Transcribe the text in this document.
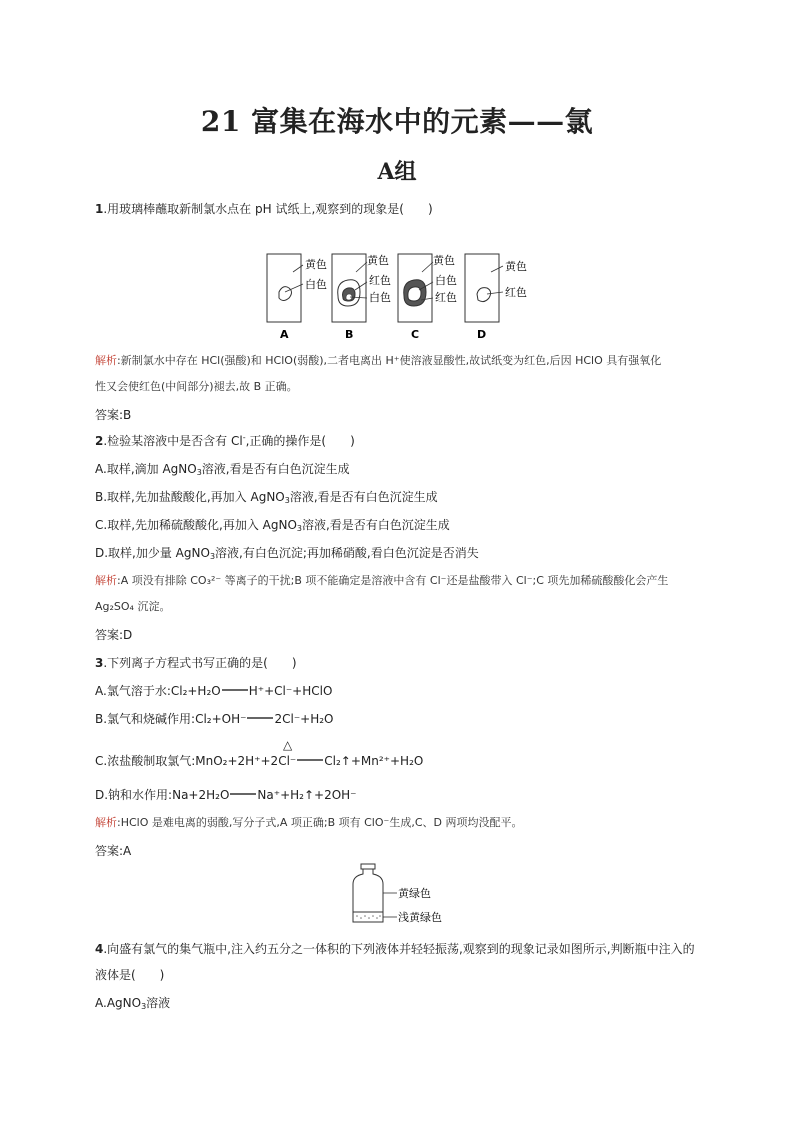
21 富集在海水中的元素——氯
A组
1.用玻璃棒蘸取新制氯水点在 pH 试纸上,观察到的现象是(　　)
黄色
白色
A
黄色
红色
白色
B
黄色
白色
红色
C
黄色
红色
D
解析:新制氯水中存在 HCl(强酸)和 HClO(弱酸),二者电离出 H⁺使溶液显酸性,故试纸变为红色,后因 HClO 具有强氧化
性又会使红色(中间部分)褪去,故 B 正确。
答案:B
2.检验某溶液中是否含有 Cl-,正确的操作是(　　)
A.取样,滴加 AgNO$_3$溶液,看是否有白色沉淀生成
B.取样,先加盐酸酸化,再加入 AgNO$_3$溶液,看是否有白色沉淀生成
C.取样,先加稀硫酸酸化,再加入 AgNO$_3$溶液,看是否有白色沉淀生成
D.取样,加少量 AgNO$_3$溶液,有白色沉淀;再加稀硝酸,看白色沉淀是否消失
解析:A 项没有排除 CO₃²⁻ 等离子的干扰;B 项不能确定是溶液中含有 Cl⁻还是盐酸带入 Cl⁻;C 项先加稀硫酸酸化会产生
Ag₂SO₄ 沉淀。
答案:D
3.下列离子方程式书写正确的是(　　)
A.氯气溶于水:Cl₂+H₂O H⁺+Cl⁻+HClO
B.氯气和烧碱作用:Cl₂+OH⁻ 2Cl⁻+H₂O
△
C.浓盐酸制取氯气:MnO₂+2H⁺+2Cl⁻ Cl₂↑+Mn²⁺+H₂O
D.钠和水作用:Na+2H₂O Na⁺+H₂↑+2OH⁻
解析:HClO 是难电离的弱酸,写分子式,A 项正确;B 项有 ClO⁻生成,C、D 两项均没配平。
答案:A
黄绿色
浅黄绿色
4.向盛有氯气的集气瓶中,注入约五分之一体积的下列液体并轻轻振荡,观察到的现象记录如图所示,判断瓶中注入的
液体是(　　)
A.AgNO$_3$溶液
